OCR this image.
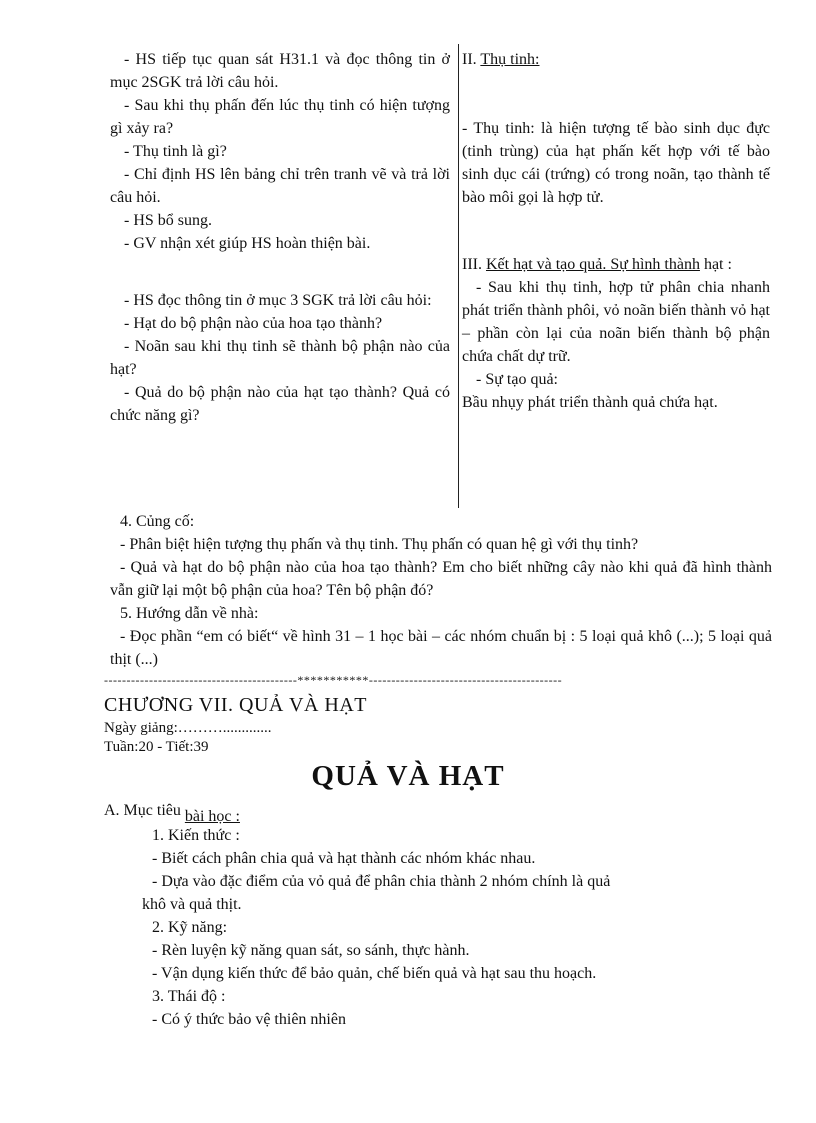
- HS tiếp tục quan sát H31.1 và đọc thông tin ở mục 2SGK trả lời câu hỏi.

- Sau khi thụ phấn đến lúc thụ tinh có hiện tượng gì xảy ra?

- Thụ tinh là gì?

- Chỉ định HS lên bảng chỉ trên tranh vẽ và trả lời câu hỏi.

- HS bổ sung.

- GV nhận xét giúp HS hoàn thiện bài.

- HS đọc thông tin ở mục 3 SGK trả lời câu hỏi:

- Hạt do bộ phận nào của hoa tạo thành?

- Noãn sau khi thụ tinh sẽ thành bộ phận nào của hạt?

- Quả do bộ phận nào của hạt tạo thành? Quả có chức năng gì?

II. Thụ tinh:

- Thụ tinh: là hiện tượng tế bào sinh dục đực (tinh trùng) của hạt phấn kết hợp với tế bào sinh dục cái (trứng) có trong noãn, tạo thành tế bào môi gọi là hợp tử.

III. Kết hạt và tạo quả. Sự hình thành hạt :

- Sau khi thụ tinh, hợp tử phân chia nhanh phát triển thành phôi, vỏ noãn biến thành vỏ hạt – phần còn lại của noãn biến thành bộ phận chứa chất dự trữ.

- Sự tạo quả:

Bầu nhụy phát triển thành quả chứa hạt.

4. Củng cố:

- Phân biệt hiện tượng thụ phấn và thụ tinh. Thụ phấn có quan hệ gì với thụ tinh?

- Quả và hạt do bộ phận nào của hoa tạo thành? Em cho biết những cây nào khi quả đã hình thành vẫn giữ lại một bộ phận của hoa? Tên bộ phận đó?

5. Hướng dẫn về nhà:

- Đọc phần “em có biết“ về hình 31 – 1 học bài – các nhóm chuẩn bị : 5 loại quả khô (...); 5 loại quả thịt (...)

-------------------------------------------***********-------------------------------------------

CHƯƠNG VII. QUẢ VÀ HẠT

Ngày giảng:……….............

Tuần:20 - Tiết:39

QUẢ VÀ HẠT

A. Mục tiêu bài học :

1. Kiến thức :

- Biết cách phân chia quả và hạt thành các nhóm khác nhau.

- Dựa vào đặc điểm của vỏ quả để phân chia thành 2 nhóm chính là quả

khô và quả thịt.

2. Kỹ năng:

- Rèn luyện kỹ năng quan sát, so sánh, thực hành.

- Vận dụng kiến thức để bảo quản, chế biến quả và hạt sau thu hoạch.

3. Thái độ :

- Có ý thức bảo vệ thiên nhiên
